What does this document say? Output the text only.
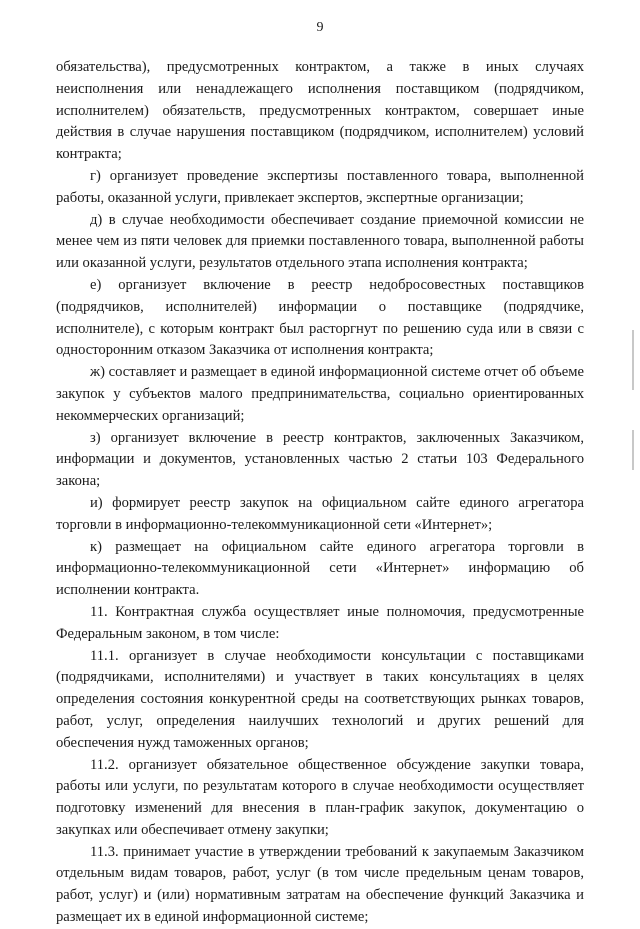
9

обязательства), предусмотренных контрактом, а также в иных случаях неисполнения или ненадлежащего исполнения поставщиком (подрядчиком, исполнителем) обязательств, предусмотренных контрактом, совершает иные действия в случае нарушения поставщиком (подрядчиком, исполнителем) условий контракта;

г) организует проведение экспертизы поставленного товара, выполненной работы, оказанной услуги, привлекает экспертов, экспертные организации;

д) в случае необходимости обеспечивает создание приемочной комиссии не менее чем из пяти человек для приемки поставленного товара, выполненной работы или оказанной услуги, результатов отдельного этапа исполнения контракта;

е) организует включение в реестр недобросовестных поставщиков (подрядчиков, исполнителей) информации о поставщике (подрядчике, исполнителе), с которым контракт был расторгнут по решению суда или в связи с односторонним отказом Заказчика от исполнения контракта;

ж) составляет и размещает в единой информационной системе отчет об объеме закупок у субъектов малого предпринимательства, социально ориентированных некоммерческих организаций;

з) организует включение в реестр контрактов, заключенных Заказчиком, информации и документов, установленных частью 2 статьи 103 Федерального закона;

и) формирует реестр закупок на официальном сайте единого агрегатора торговли в информационно-телекоммуникационной сети «Интернет»;

к) размещает на официальном сайте единого агрегатора торговли в информационно-телекоммуникационной сети «Интернет» информацию об исполнении контракта.

11. Контрактная служба осуществляет иные полномочия, предусмотренные Федеральным законом, в том числе:

11.1. организует в случае необходимости консультации с поставщиками (подрядчиками, исполнителями) и участвует в таких консультациях в целях определения состояния конкурентной среды на соответствующих рынках товаров, работ, услуг, определения наилучших технологий и других решений для обеспечения нужд таможенных органов;

11.2. организует обязательное общественное обсуждение закупки товара, работы или услуги, по результатам которого в случае необходимости осуществляет подготовку изменений для внесения в план-график закупок, документацию о закупках или обеспечивает отмену закупки;

11.3. принимает участие в утверждении требований к закупаемым Заказчиком отдельным видам товаров, работ, услуг (в том числе предельным ценам товаров, работ, услуг) и (или) нормативным затратам на обеспечение функций Заказчика и размещает их в единой информационной системе;
